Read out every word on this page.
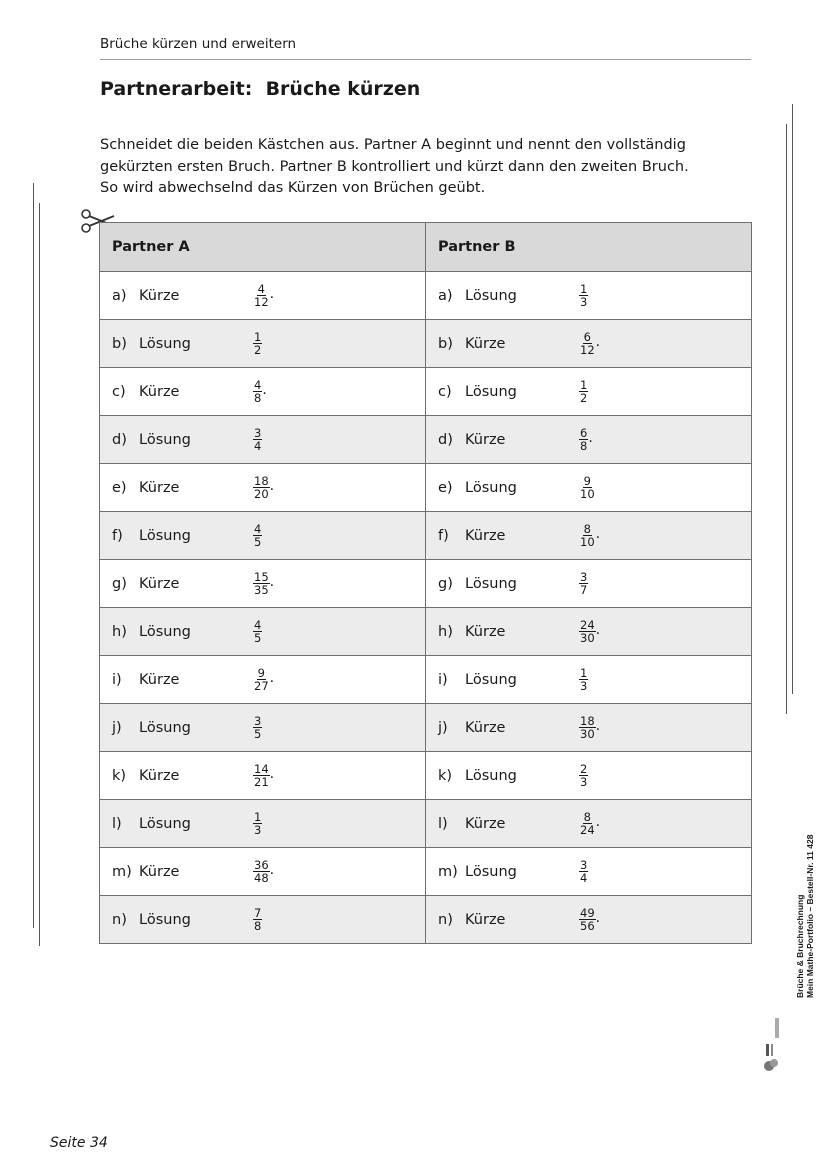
Brüche kürzen und erweitern
Partnerarbeit:  Brüche kürzen
Schneidet die beiden Kästchen aus. Partner A beginnt und nennt den vollständig
gekürzten ersten Bruch. Partner B kontrolliert und kürzt dann den zweiten Bruch.
So wird abwechselnd das Kürzen von Brüchen geübt.
Partner A	Partner B

a) Kürze $\frac{4}{12}$ .	a) Lösung $\frac{1}{3}$

b) Lösung $\frac{1}{2}$	b) Kürze $\frac{6}{12}$ .

c) Kürze $\frac{4}{8}$ .	c) Lösung $\frac{1}{2}$

d) Lösung $\frac{3}{4}$	d) Kürze $\frac{6}{8}$ .

e) Kürze $\frac{18}{20}$ .	e) Lösung $\frac{9}{10}$

f) Lösung $\frac{4}{5}$	f) Kürze $\frac{8}{10}$ .

g) Kürze $\frac{15}{35}$ .	g) Lösung $\frac{3}{7}$

h) Lösung $\frac{4}{5}$	h) Kürze $\frac{24}{30}$ .

i) Kürze $\frac{9}{27}$ .	i) Lösung $\frac{1}{3}$

j) Lösung $\frac{3}{5}$	j) Kürze $\frac{18}{30}$ .

k) Kürze $\frac{14}{21}$ .	k) Lösung $\frac{2}{3}$

l) Lösung $\frac{1}{3}$	l) Kürze $\frac{8}{24}$ .

m) Kürze $\frac{36}{48}$ .	m) Lösung $\frac{3}{4}$

n) Lösung $\frac{7}{8}$	n) Kürze $\frac{49}{56}$ .	Brüche & Bruchrechnung Mein Mathe-Portfolio – Bestell-Nr. 11 428
Seite 34
